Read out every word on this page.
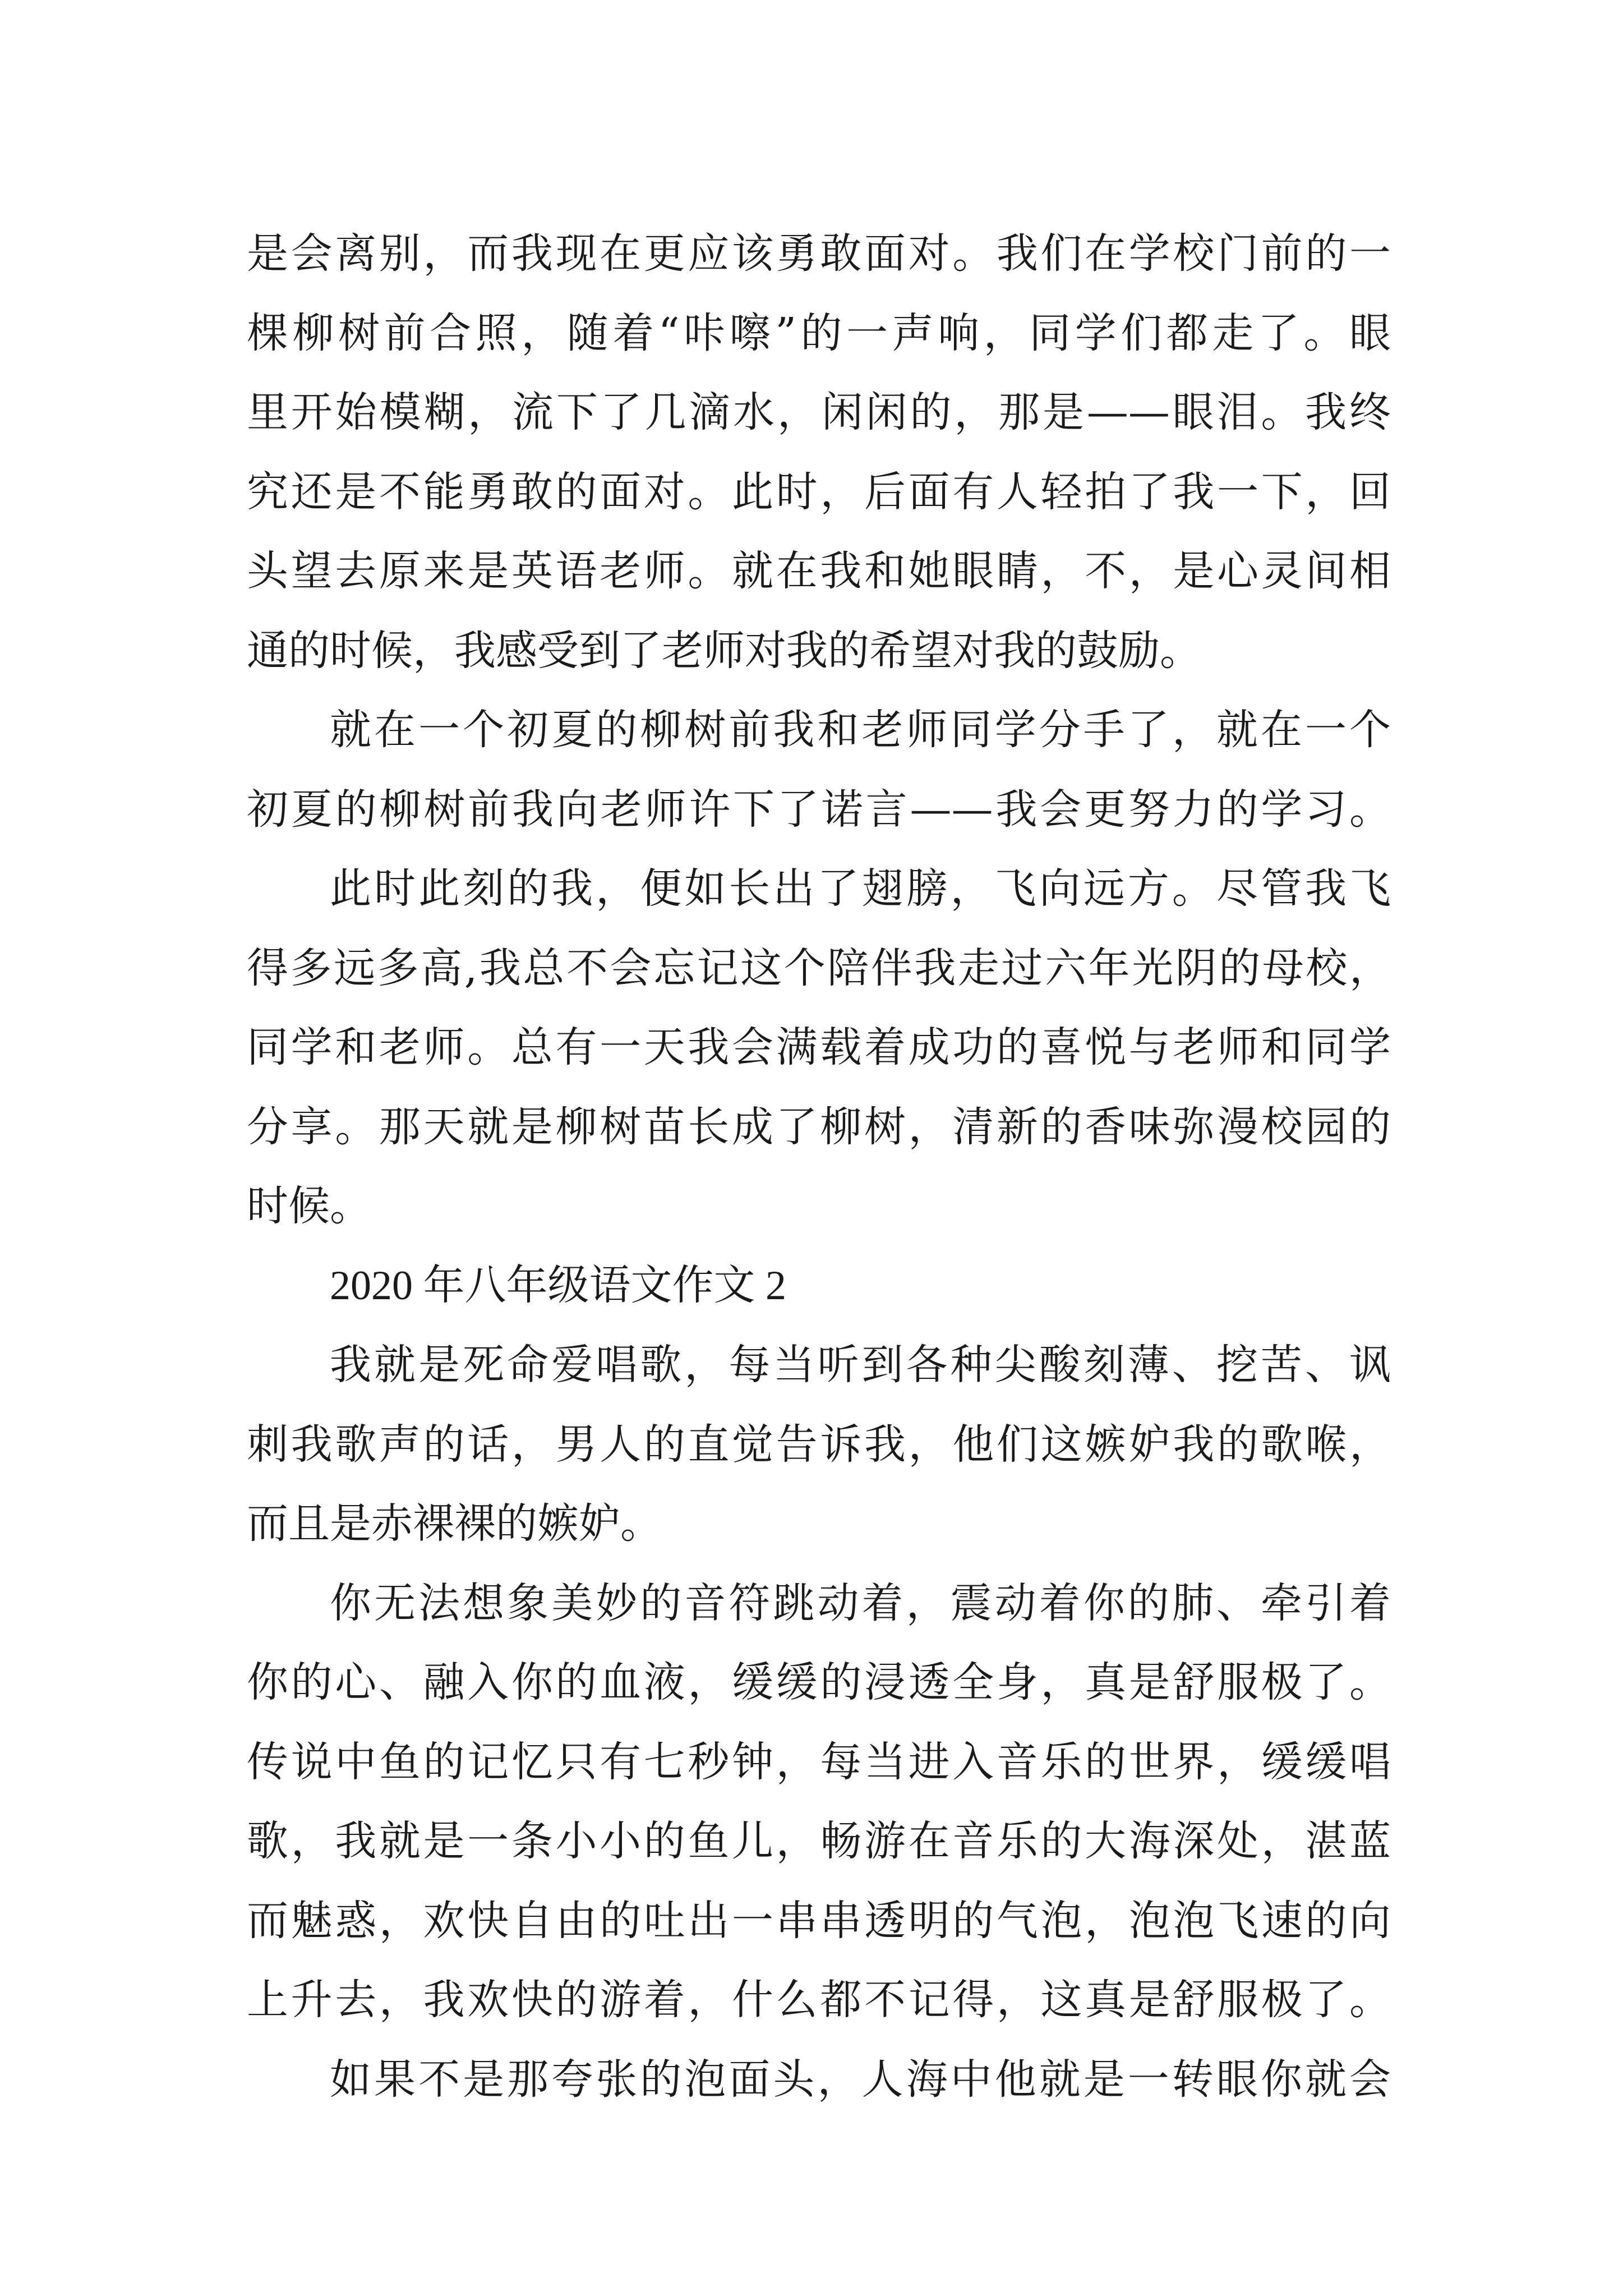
是会离别，而我现在更应该勇敢面对。我们在学校门前的一
棵柳树前合照，随着“咔嚓”的一声响，同学们都走了。眼
里开始模糊，流下了几滴水，闲闲的，那是——眼泪。我终
究还是不能勇敢的面对。此时，后面有人轻拍了我一下，回
头望去原来是英语老师。就在我和她眼睛，不，是心灵间相
通的时候，我感受到了老师对我的希望对我的鼓励。
就在一个初夏的柳树前我和老师同学分手了，就在一个
初夏的柳树前我向老师许下了诺言——我会更努力的学习。
此时此刻的我，便如长出了翅膀，飞向远方。尽管我飞
得多远多高,我总不会忘记这个陪伴我走过六年光阴的母校，
同学和老师。总有一天我会满载着成功的喜悦与老师和同学
分享。那天就是柳树苗长成了柳树，清新的香味弥漫校园的
时候。
2020 年八年级语文作文 2
我就是死命爱唱歌，每当听到各种尖酸刻薄、挖苦、讽
刺我歌声的话，男人的直觉告诉我，他们这嫉妒我的歌喉，
而且是赤裸裸的嫉妒。
你无法想象美妙的音符跳动着，震动着你的肺、牵引着
你的心、融入你的血液，缓缓的浸透全身，真是舒服极了。
传说中鱼的记忆只有七秒钟，每当进入音乐的世界，缓缓唱
歌，我就是一条小小的鱼儿，畅游在音乐的大海深处，湛蓝
而魅惑，欢快自由的吐出一串串透明的气泡，泡泡飞速的向
上升去，我欢快的游着，什么都不记得，这真是舒服极了。
如果不是那夸张的泡面头，人海中他就是一转眼你就会
